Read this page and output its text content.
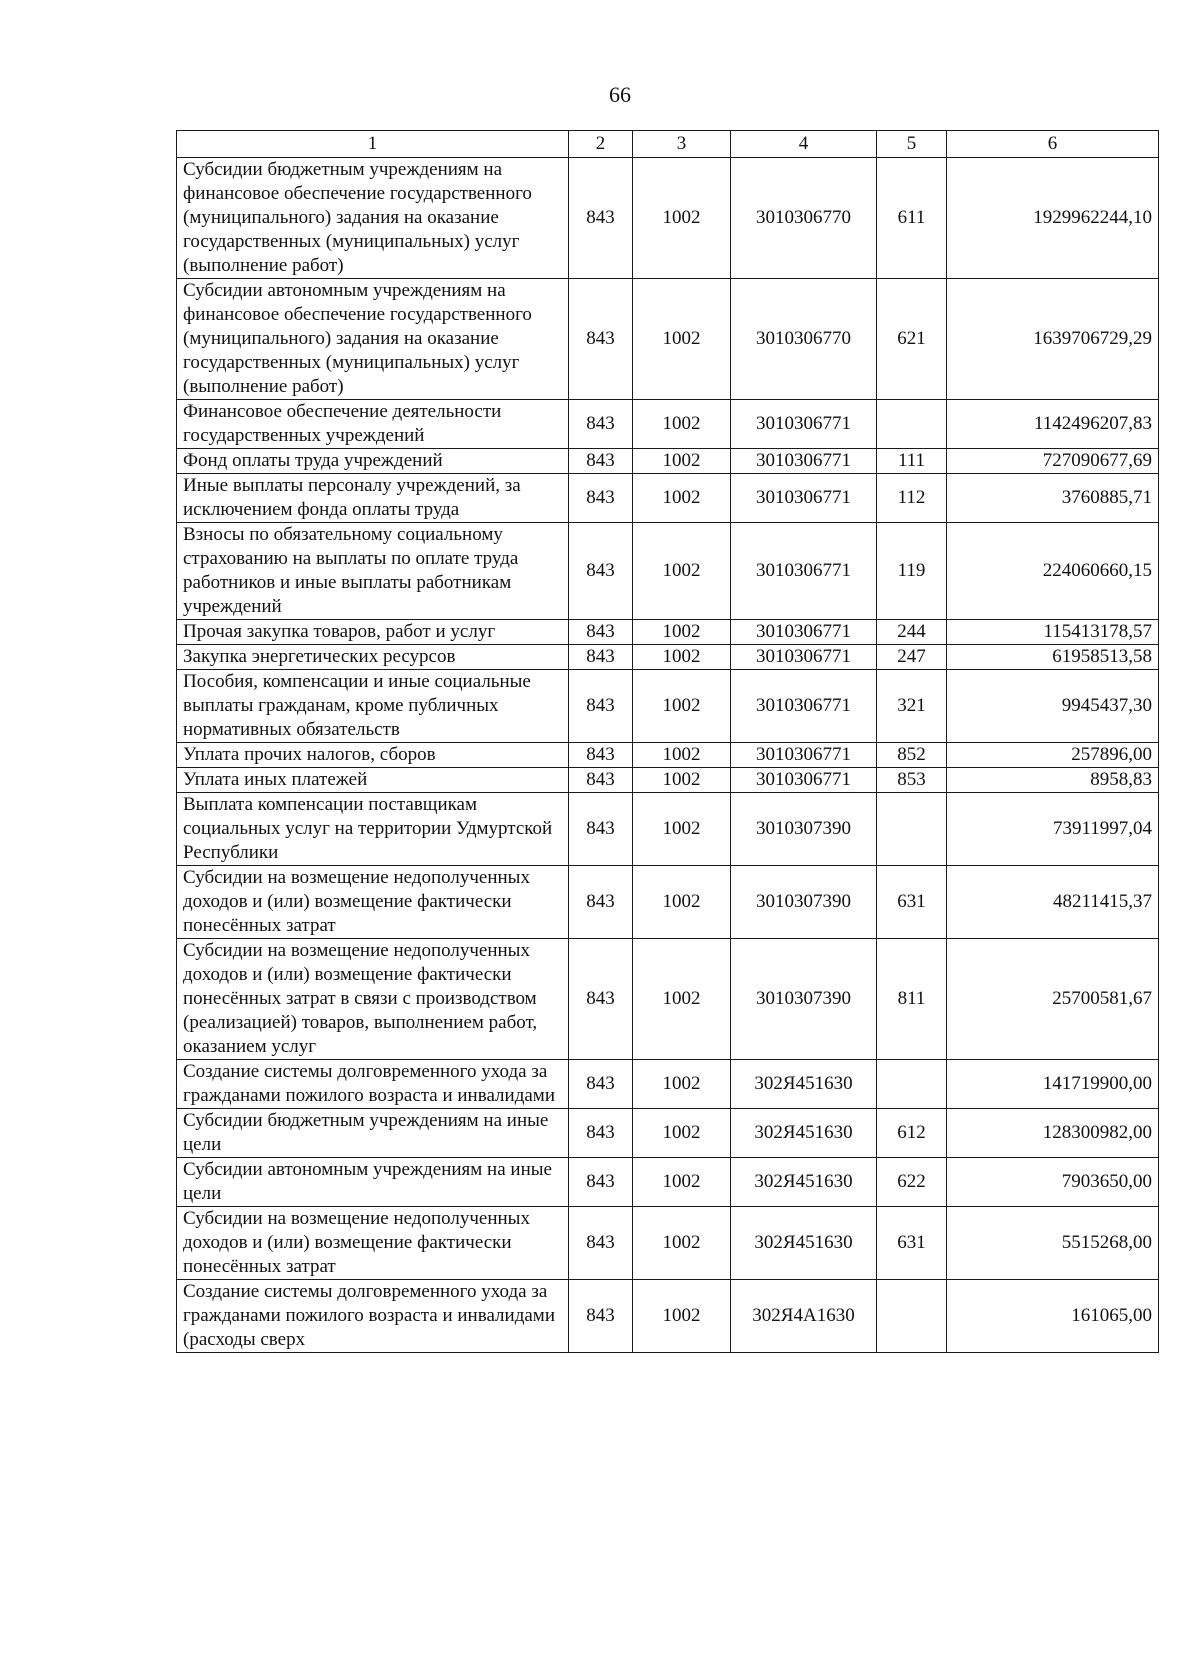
66
1	2	3	4	5	6
Субсидии бюджетным учреждениям на финансовое обеспечение государственного (муниципального) задания на оказание государственных (муниципальных) услуг (выполнение работ)	843	1002	3010306770	611	1929962244,10
Субсидии автономным учреждениям на финансовое обеспечение государственного (муниципального) задания на оказание государственных (муниципальных) услуг (выполнение работ)	843	1002	3010306770	621	1639706729,29
Финансовое обеспечение деятельности государственных учреждений	843	1002	3010306771		1142496207,83
Фонд оплаты труда учреждений	843	1002	3010306771	111	727090677,69
Иные выплаты персоналу учреждений, за исключением фонда оплаты труда	843	1002	3010306771	112	3760885,71
Взносы по обязательному социальному страхованию на выплаты по оплате труда работников и иные выплаты работникам учреждений	843	1002	3010306771	119	224060660,15
Прочая закупка товаров, работ и услуг	843	1002	3010306771	244	115413178,57
Закупка энергетических ресурсов	843	1002	3010306771	247	61958513,58
Пособия, компенсации и иные социальные выплаты гражданам, кроме публичных нормативных обязательств	843	1002	3010306771	321	9945437,30
Уплата прочих налогов, сборов	843	1002	3010306771	852	257896,00
Уплата иных платежей	843	1002	3010306771	853	8958,83
Выплата компенсации поставщикам социальных услуг на территории Удмуртской Республики	843	1002	3010307390		73911997,04
Субсидии на возмещение недополученных доходов и (или) возмещение фактически понесённых затрат	843	1002	3010307390	631	48211415,37
Субсидии на возмещение недополученных доходов и (или) возмещение фактически понесённых затрат в связи с производством (реализацией) товаров, выполнением работ, оказанием услуг	843	1002	3010307390	811	25700581,67
Создание системы долговременного ухода за гражданами пожилого возраста и инвалидами	843	1002	302Я451630		141719900,00
Субсидии бюджетным учреждениям на иные цели	843	1002	302Я451630	612	128300982,00
Субсидии автономным учреждениям на иные цели	843	1002	302Я451630	622	7903650,00
Субсидии на возмещение недополученных доходов и (или) возмещение фактически понесённых затрат	843	1002	302Я451630	631	5515268,00
Создание системы долговременного ухода за гражданами пожилого возраста и инвалидами (расходы сверх	843	1002	302Я4А1630		161065,00
